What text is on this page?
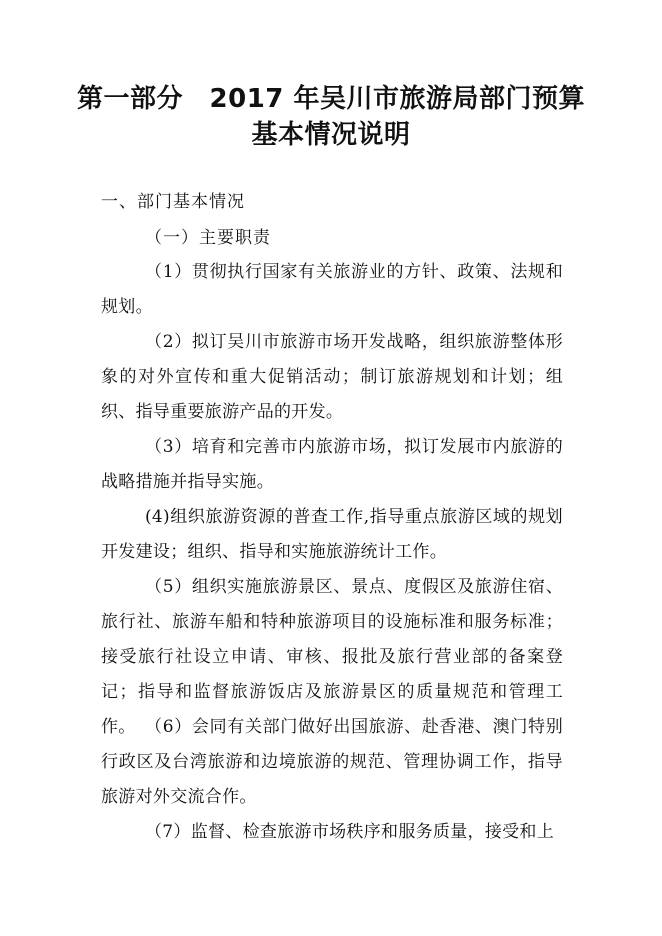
第一部分　2017 年吴川市旅游局部门预算
基本情况说明
一、部门基本情况
（一）主要职责

（1）贯彻执行国家有关旅游业的方针、政策、法规和规划。

（2）拟订吴川市旅游市场开发战略，组织旅游整体形象的对外宣传和重大促销活动；制订旅游规划和计划；组织、指导重要旅游产品的开发。

（3）培育和完善市内旅游市场，拟订发展市内旅游的战略措施并指导实施。

(4)组织旅游资源的普查工作,指导重点旅游区域的规划开发建设；组织、指导和实施旅游统计工作。

（5）组织实施旅游景区、景点、度假区及旅游住宿、旅行社、旅游车船和特种旅游项目的设施标准和服务标准；接受旅行社设立申请、审核、报批及旅行营业部的备案登记；指导和监督旅游饭店及旅游景区的质量规范和管理工作。 （6）会同有关部门做好出国旅游、赴香港、澳门特别行政区及台湾旅游和边境旅游的规范、管理协调工作，指导旅游对外交流合作。

（7）监督、检查旅游市场秩序和服务质量，接受和上
